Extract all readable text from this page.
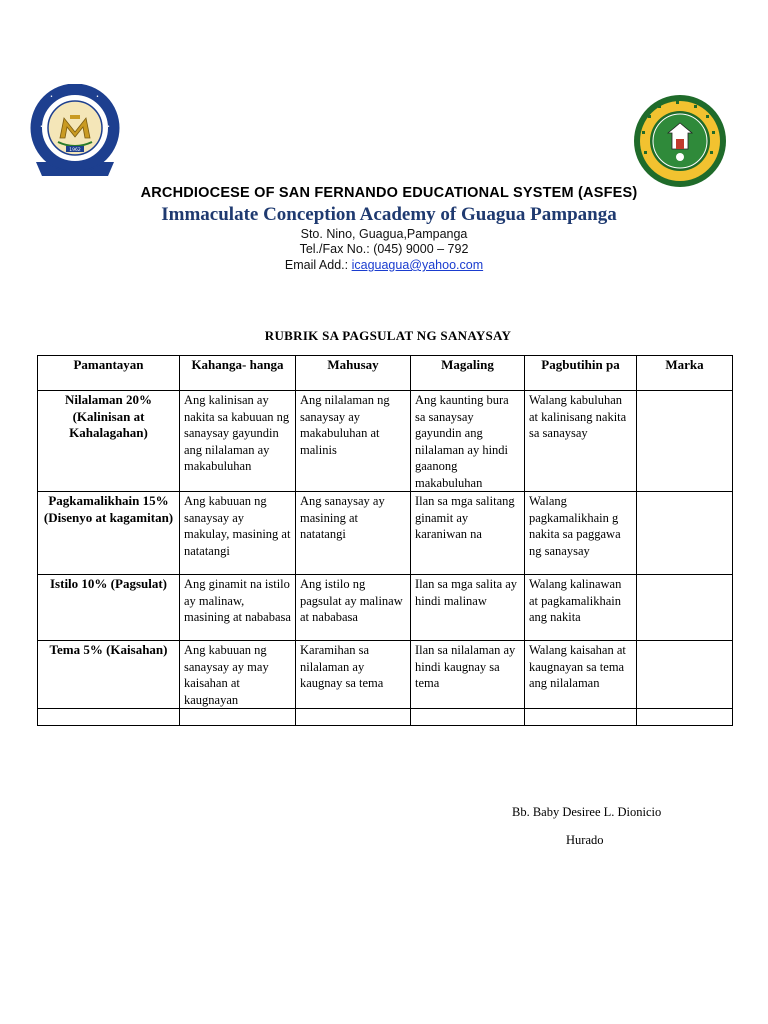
•	•
•	•
1962
ARCHDIOCESE OF SAN FERNANDO EDUCATIONAL SYSTEM (ASFES)
Immaculate Conception Academy of Guagua Pampanga
Sto. Nino, Guagua,Pampanga
Tel./Fax No.: (045) 9000 – 792
Email Add.: icaguagua@yahoo.com
RUBRIK SA PAGSULAT NG SANAYSAY
Pamantayan	Kahanga- hanga	Mahusay	Magaling	Pagbutihin pa	Marka
Nilalaman 20% (Kalinisan at Kahalagahan)	Ang kalinisan ay nakita sa kabuuan ng sanaysay gayundin ang nilalaman ay makabuluhan	Ang nilalaman ng sanaysay ay makabuluhan at malinis	Ang kaunting bura sa sanaysay gayundin ang nilalaman ay hindi gaanong makabuluhan	Walang kabuluhan at kalinisang nakita sa sanaysay	
Pagkamalikhain 15% (Disenyo at kagamitan)	Ang kabuuan ng sanaysay ay makulay, masining at natatangi	Ang sanaysay ay masining at natatangi	Ilan sa mga salitang ginamit ay karaniwan na	Walang pagkamalikhain g nakita sa paggawa ng sanaysay	
Istilo 10% (Pagsulat)	Ang ginamit na istilo ay malinaw, masining at nababasa	Ang istilo ng pagsulat ay malinaw at nababasa	Ilan sa mga salita ay hindi malinaw	Walang kalinawan at pagkamalikhain ang nakita	
Tema 5% (Kaisahan)	Ang kabuuan ng sanaysay ay may kaisahan at kaugnayan	Karamihan sa nilalaman ay kaugnay sa tema	Ilan sa nilalaman ay hindi kaugnay sa tema	Walang kaisahan at kaugnayan sa tema ang nilalaman	

Bb. Baby Desiree L. Dionicio
Hurado
